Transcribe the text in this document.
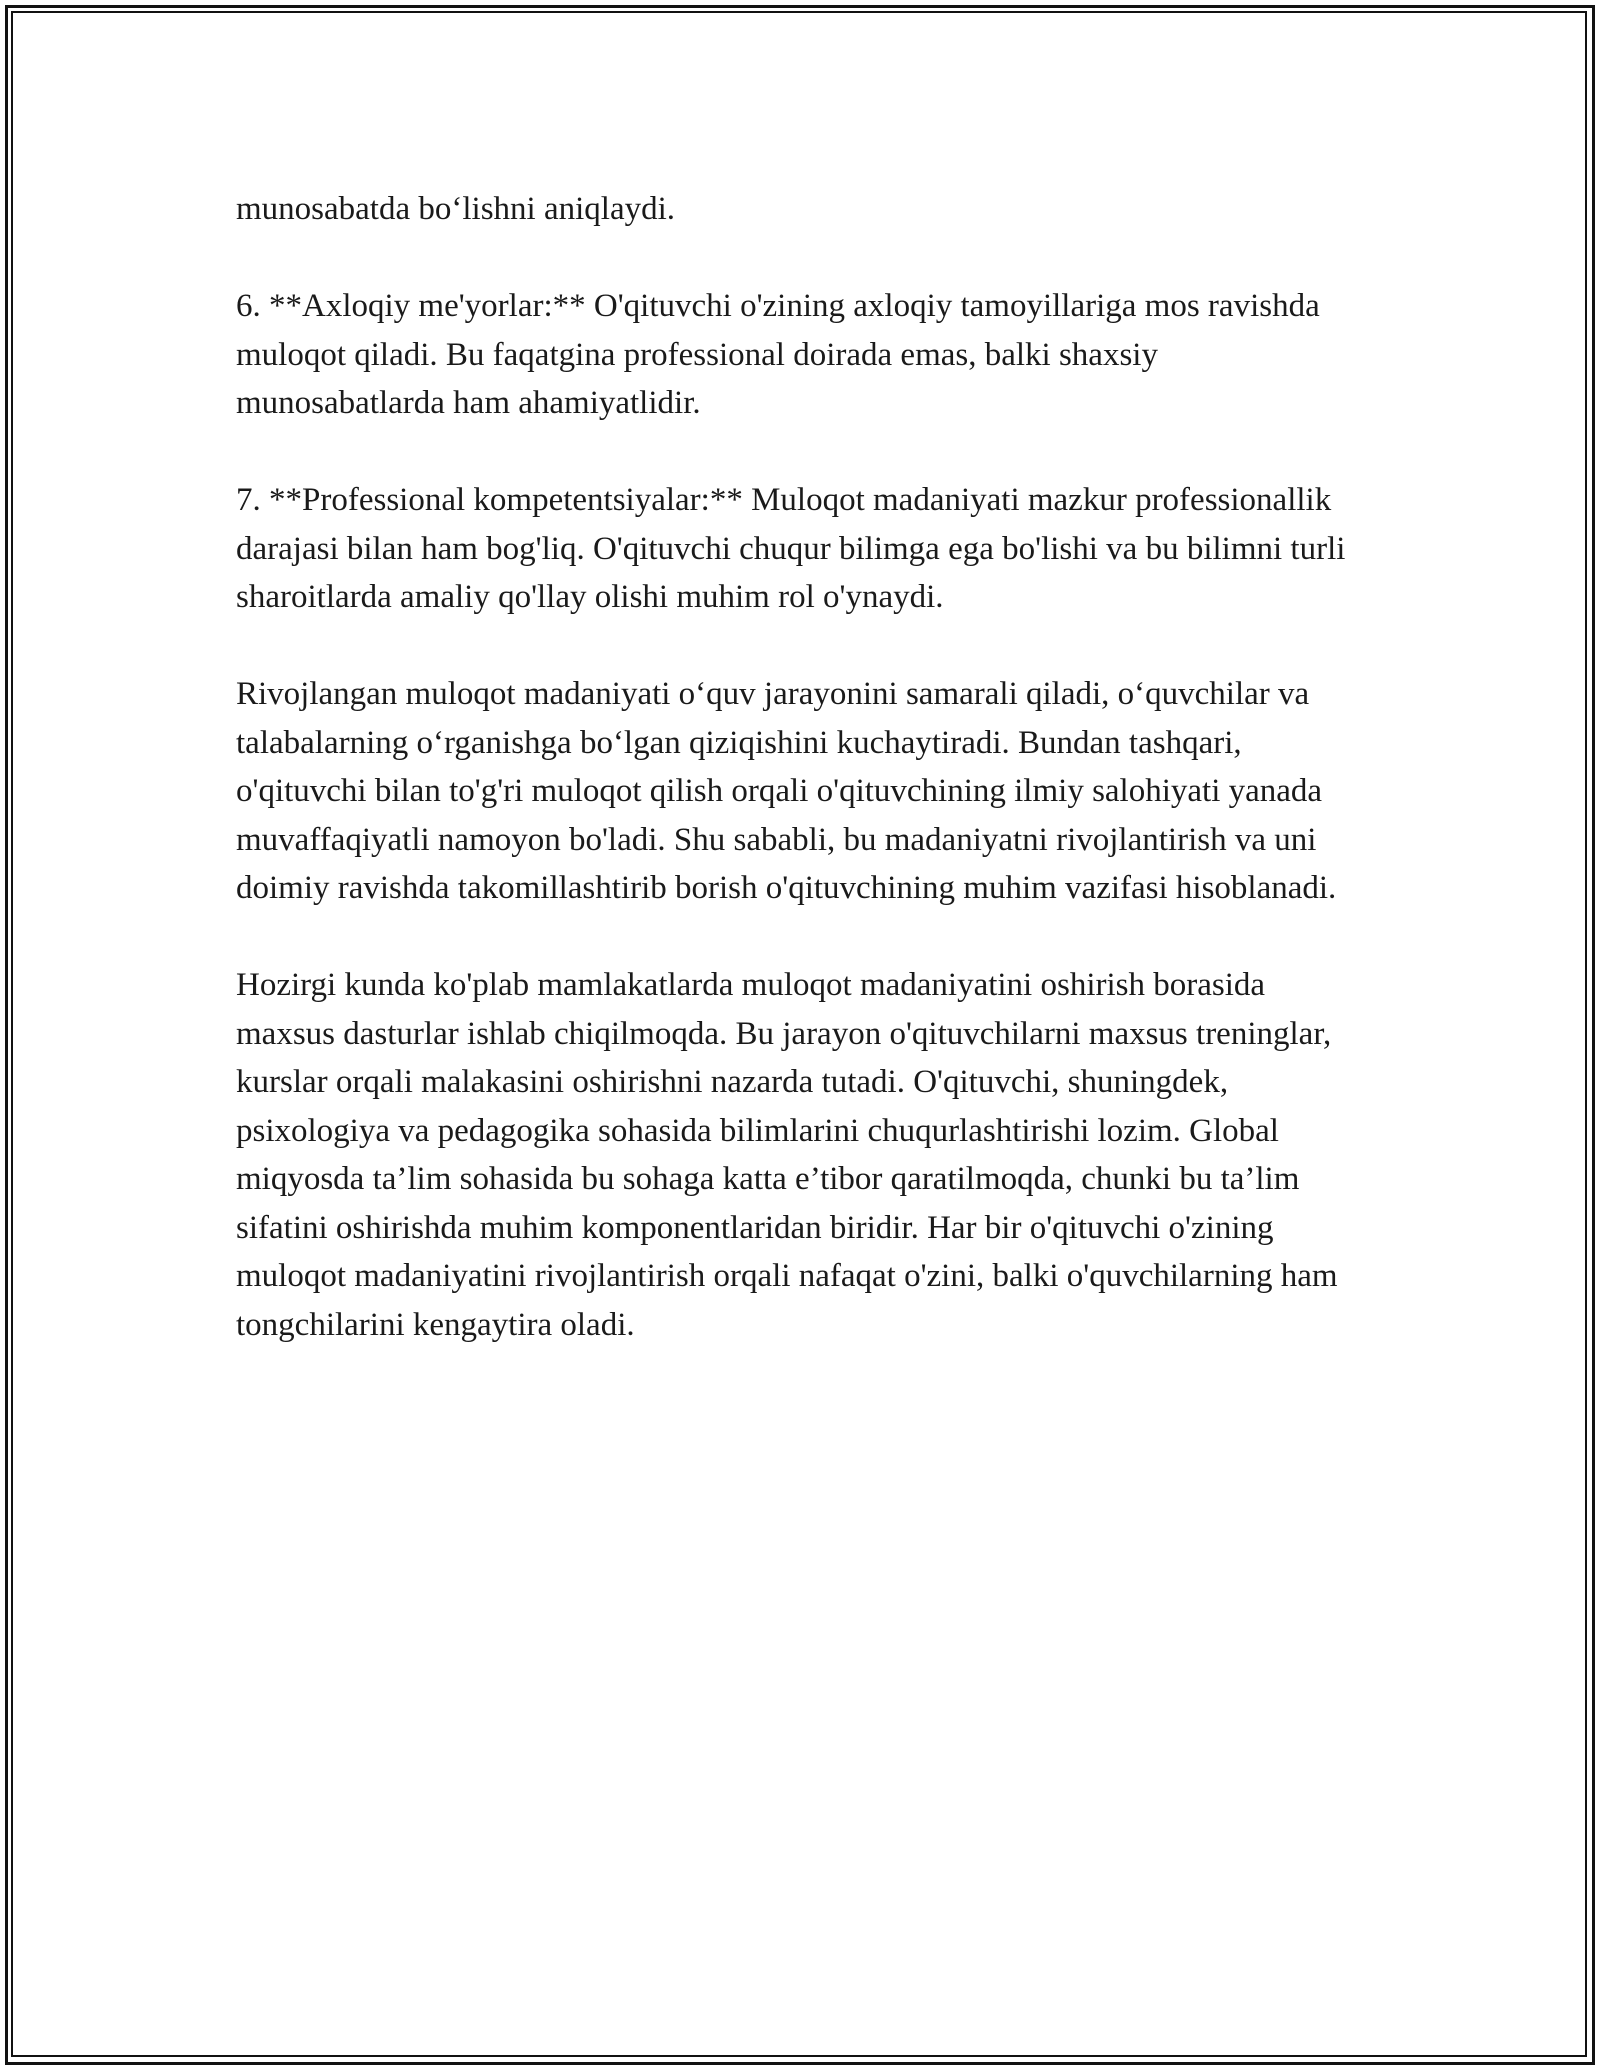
munosabatda bo‘lishni aniqlaydi.

6. **Axloqiy me'yorlar:** O'qituvchi o'zining axloqiy tamoyillariga mos ravishda muloqot qiladi. Bu faqatgina professional doirada emas, balki shaxsiy munosabatlarda ham ahamiyatlidir.

7. **Professional kompetentsiyalar:** Muloqot madaniyati mazkur professionallik darajasi bilan ham bog'liq. O'qituvchi chuqur bilimga ega bo'lishi va bu bilimni turli sharoitlarda amaliy qo'llay olishi muhim rol o'ynaydi.

Rivojlangan muloqot madaniyati o‘quv jarayonini samarali qiladi, o‘quvchilar va talabalarning o‘rganishga bo‘lgan qiziqishini kuchaytiradi. Bundan tashqari, o'qituvchi bilan to'g'ri muloqot qilish orqali o'qituvchining ilmiy salohiyati yanada muvaffaqiyatli namoyon bo'ladi. Shu sababli, bu madaniyatni rivojlantirish va uni doimiy ravishda takomillashtirib borish o'qituvchining muhim vazifasi hisoblanadi.

Hozirgi kunda ko'plab mamlakatlarda muloqot madaniyatini oshirish borasida maxsus dasturlar ishlab chiqilmoqda. Bu jarayon o'qituvchilarni maxsus treninglar, kurslar orqali malakasini oshirishni nazarda tutadi. O'qituvchi, shuningdek, psixologiya va pedagogika sohasida bilimlarini chuqurlashtirishi lozim. Global miqyosda ta’lim sohasida bu sohaga katta e’tibor qaratilmoqda, chunki bu ta’lim sifatini oshirishda muhim komponentlaridan biridir. Har bir o'qituvchi o'zining muloqot madaniyatini rivojlantirish orqali nafaqat o'zini, balki o'quvchilarning ham tongchilarini kengaytira oladi.
